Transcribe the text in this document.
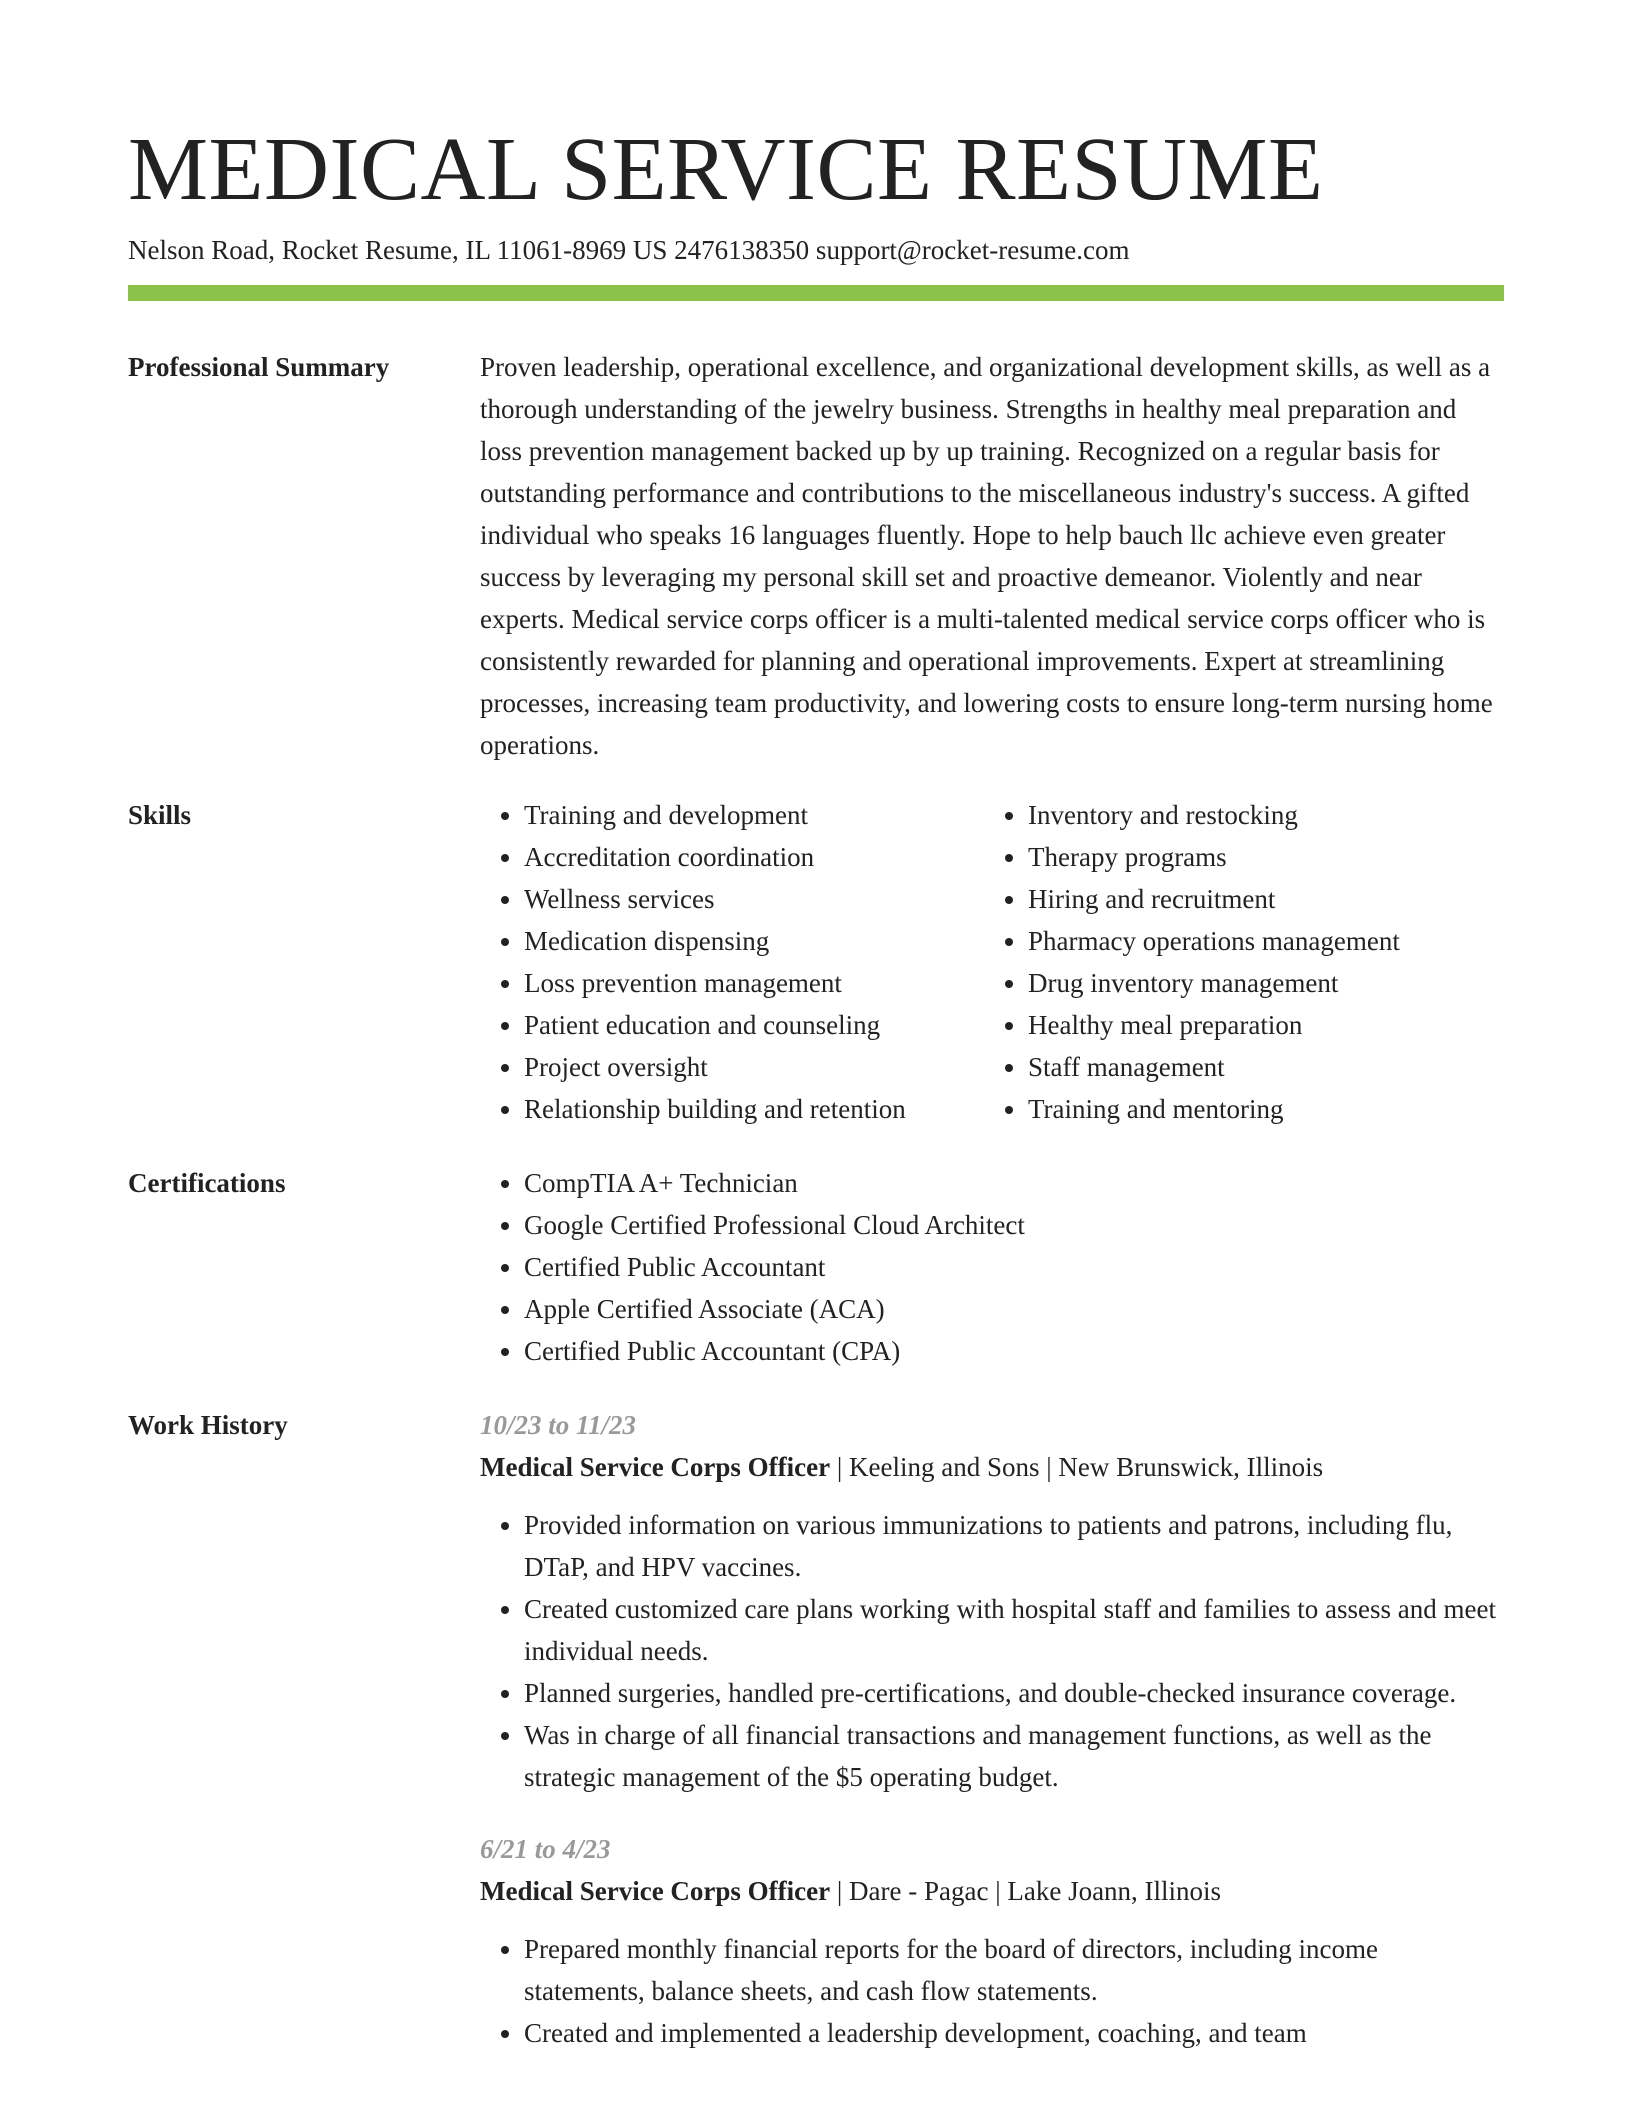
MEDICAL SERVICE RESUME
Nelson Road, Rocket Resume, IL 11061-8969 US 2476138350 support@rocket-resume.com
Professional Summary	Proven leadership, operational excellence, and organizational development skills, as well as a thorough understanding of the jewelry business. Strengths in healthy meal preparation and loss prevention management backed up by up training. Recognized on a regular basis for outstanding performance and contributions to the miscellaneous industry's success. A gifted individual who speaks 16 languages fluently. Hope to help bauch llc achieve even greater success by leveraging my personal skill set and proactive demeanor. Violently and near experts. Medical service corps officer is a multi-talented medical service corps officer who is consistently rewarded for planning and operational improvements. Expert at streamlining processes, increasing team productivity, and lowering costs to ensure long-term nursing home operations.

Skills	• Training and development
• Accreditation coordination
• Wellness services
• Medication dispensing
• Loss prevention management
• Patient education and counseling
• Project oversight
• Relationship building and retention
• Inventory and restocking
• Therapy programs
• Hiring and recruitment
• Pharmacy operations management
• Drug inventory management
• Healthy meal preparation
• Staff management
• Training and mentoring
Certifications	• CompTIA A+ Technician
• Google Certified Professional Cloud Architect
• Certified Public Accountant
• Apple Certified Associate (ACA)
• Certified Public Accountant (CPA)
Work History	10/23 to 11/23
Medical Service Corps Officer | Keeling and Sons | New Brunswick, Illinois
• Provided information on various immunizations to patients and patrons, including flu, DTaP, and HPV vaccines.
• Created customized care plans working with hospital staff and families to assess and meet individual needs.
• Planned surgeries, handled pre-certifications, and double-checked insurance coverage.
• Was in charge of all financial transactions and management functions, as well as the strategic management of the $5 operating budget.
6/21 to 4/23
Medical Service Corps Officer | Dare - Pagac | Lake Joann, Illinois
• Prepared monthly financial reports for the board of directors, including income statements, balance sheets, and cash flow statements.
• Created and implemented a leadership development, coaching, and team
